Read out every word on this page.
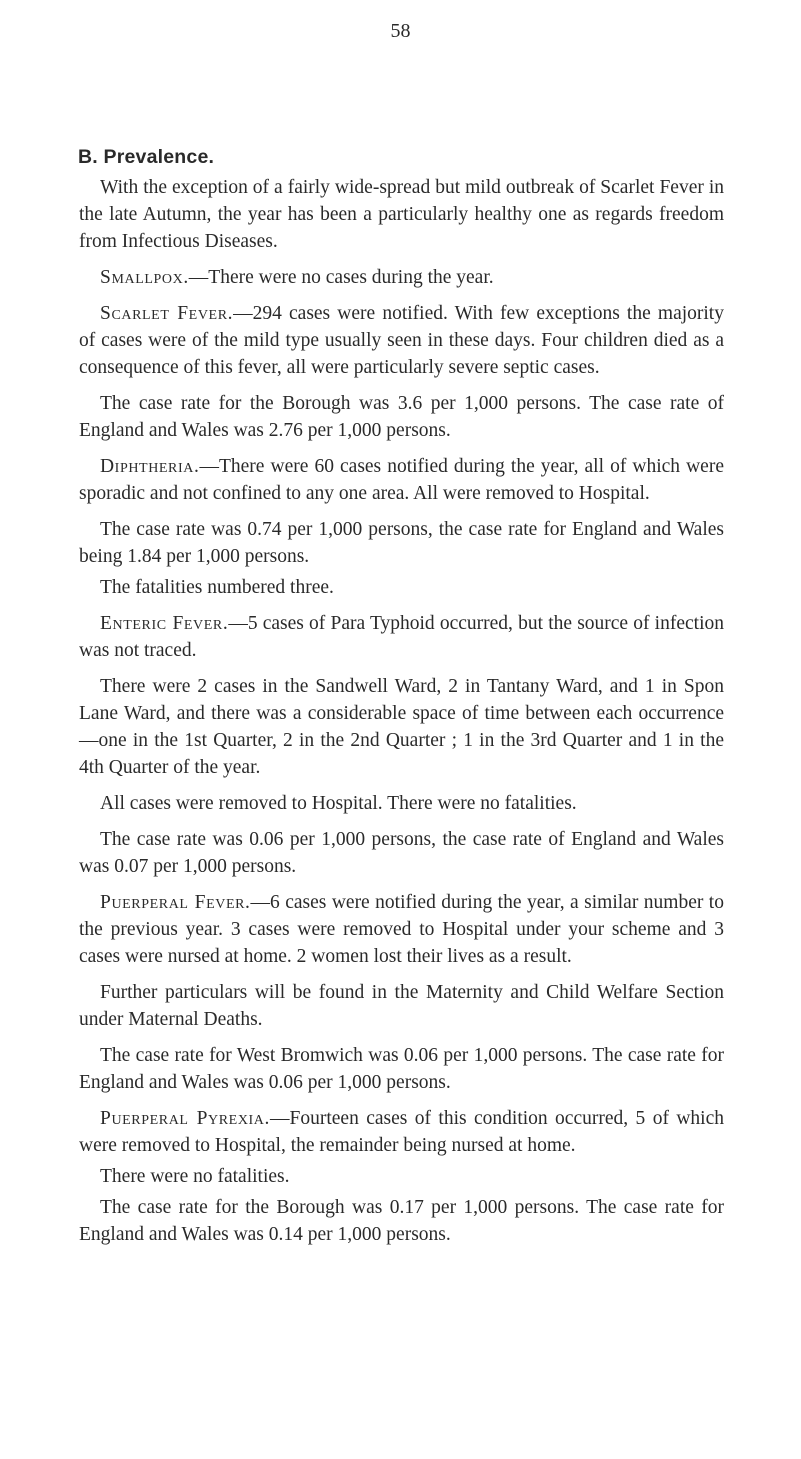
58
B. Prevalence.

With the exception of a fairly wide-spread but mild outbreak of Scarlet Fever in the late Autumn, the year has been a particularly healthy one as regards freedom from Infectious Diseases.

Smallpox.—There were no cases during the year.

Scarlet Fever.—294 cases were notified. With few exceptions the majority of cases were of the mild type usually seen in these days. Four children died as a consequence of this fever, all were particularly severe septic cases.

The case rate for the Borough was 3.6 per 1,000 persons. The case rate of England and Wales was 2.76 per 1,000 persons.

Diphtheria.—There were 60 cases notified during the year, all of which were sporadic and not confined to any one area. All were removed to Hospital.

The case rate was 0.74 per 1,000 persons, the case rate for England and Wales being 1.84 per 1,000 persons.

The fatalities numbered three.

Enteric Fever.—5 cases of Para Typhoid occurred, but the source of infection was not traced.

There were 2 cases in the Sandwell Ward, 2 in Tantany Ward, and 1 in Spon Lane Ward, and there was a considerable space of time between each occurrence—one in the 1st Quarter, 2 in the 2nd Quarter ; 1 in the 3rd Quarter and 1 in the 4th Quarter of the year.

All cases were removed to Hospital. There were no fatalities.

The case rate was 0.06 per 1,000 persons, the case rate of England and Wales was 0.07 per 1,000 persons.

Puerperal Fever.—6 cases were notified during the year, a similar number to the previous year. 3 cases were removed to Hospital under your scheme and 3 cases were nursed at home. 2 women lost their lives as a result.

Further particulars will be found in the Maternity and Child Welfare Section under Maternal Deaths.

The case rate for West Bromwich was 0.06 per 1,000 persons. The case rate for England and Wales was 0.06 per 1,000 persons.

Puerperal Pyrexia.—Fourteen cases of this condition occurred, 5 of which were removed to Hospital, the remainder being nursed at home.

There were no fatalities.

The case rate for the Borough was 0.17 per 1,000 persons. The case rate for England and Wales was 0.14 per 1,000 persons.
